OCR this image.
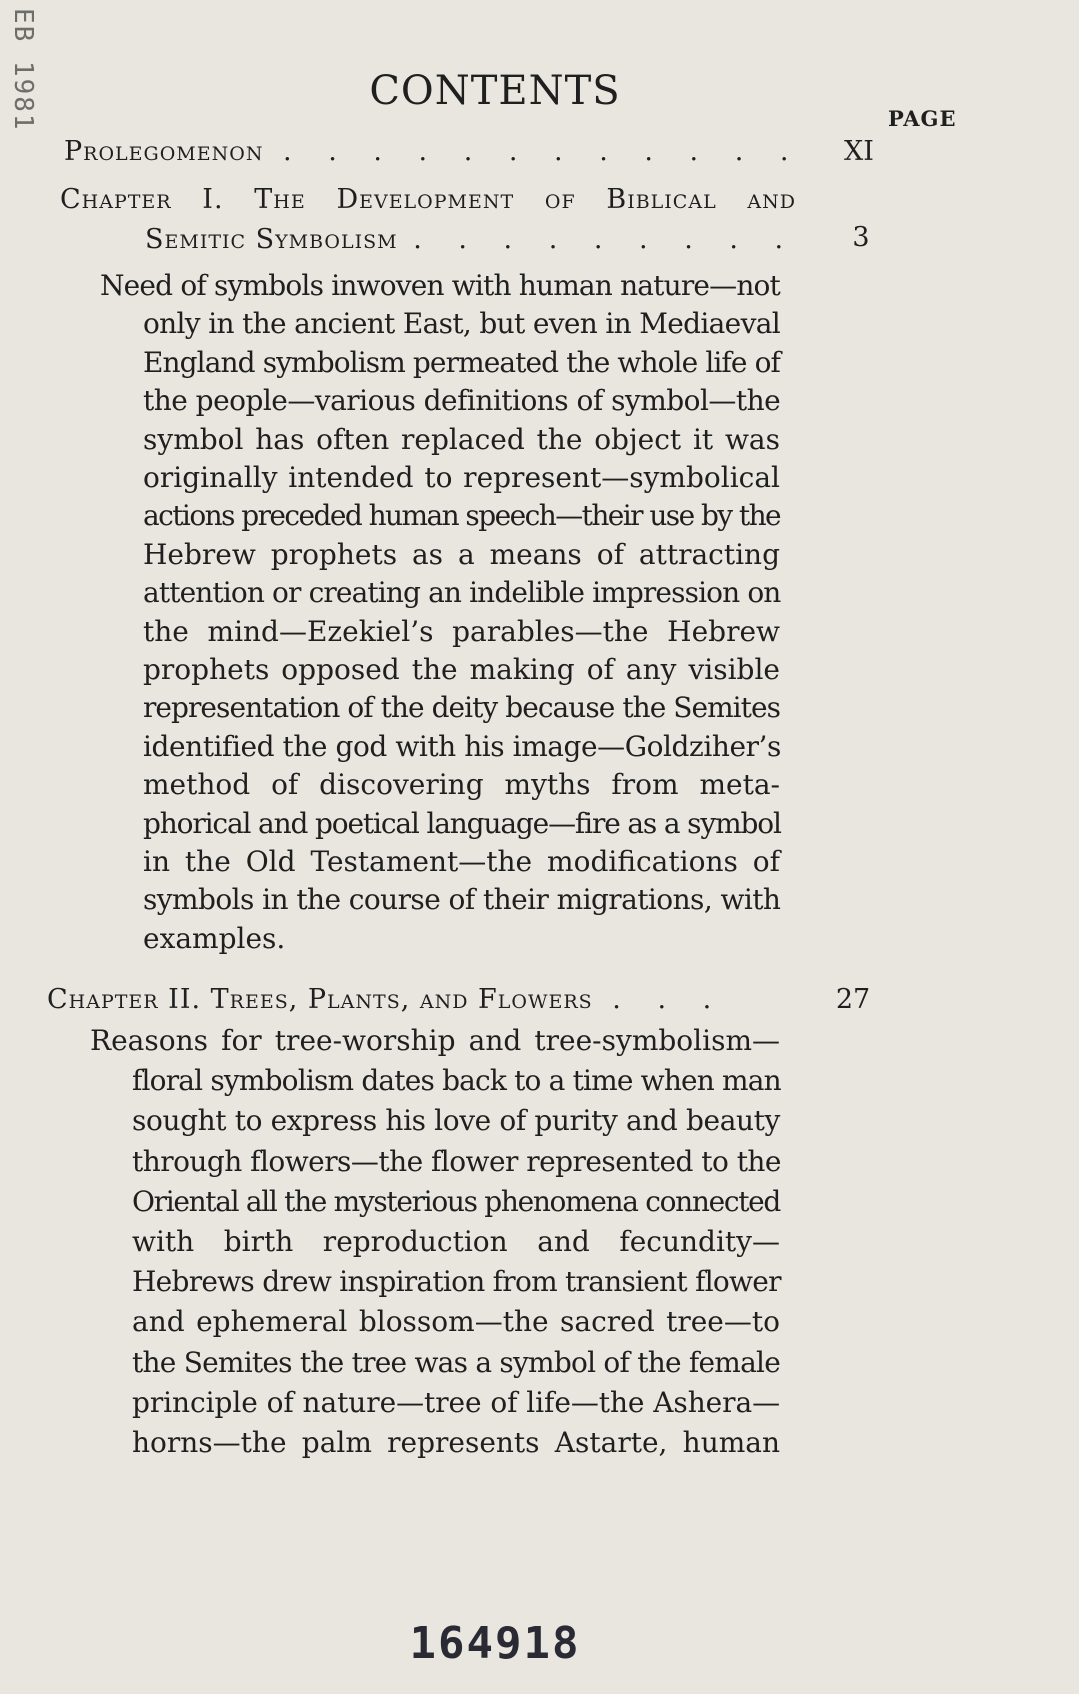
EB 1981	CONTENTS
PAGE
Prolegomenon . . . . . . . . . . . .	XI
Chapter I. The Development of Biblical and
Semitic Symbolism . . . . . . . . .	3
Need of symbols inwoven with human nature—not
only in the ancient East, but even in Mediaeval
England symbolism permeated the whole life of
the people—various definitions of symbol—the
symbol has often replaced the object it was
originally intended to represent—symbolical
actions preceded human speech—their use by the
Hebrew prophets as a means of attracting
attention or creating an indelible impression on
the mind—Ezekiel’s parables—the Hebrew
prophets opposed the making of any visible
representation of the deity because the Semites
identified the god with his image—Goldziher’s
method of discovering myths from meta-
phorical and poetical language—fire as a symbol
in the Old Testament—the modifications of
symbols in the course of their migrations, with
examples.
Chapter II. Trees, Plants, and Flowers . . .	27
Reasons for tree-worship and tree-symbolism—
floral symbolism dates back to a time when man
sought to express his love of purity and beauty
through flowers—the flower represented to the
Oriental all the mysterious phenomena connected
with birth reproduction and fecundity—
Hebrews drew inspiration from transient flower
and ephemeral blossom—the sacred tree—to
the Semites the tree was a symbol of the female
principle of nature—tree of life—the Ashera—
horns—the palm represents Astarte, human
164918
